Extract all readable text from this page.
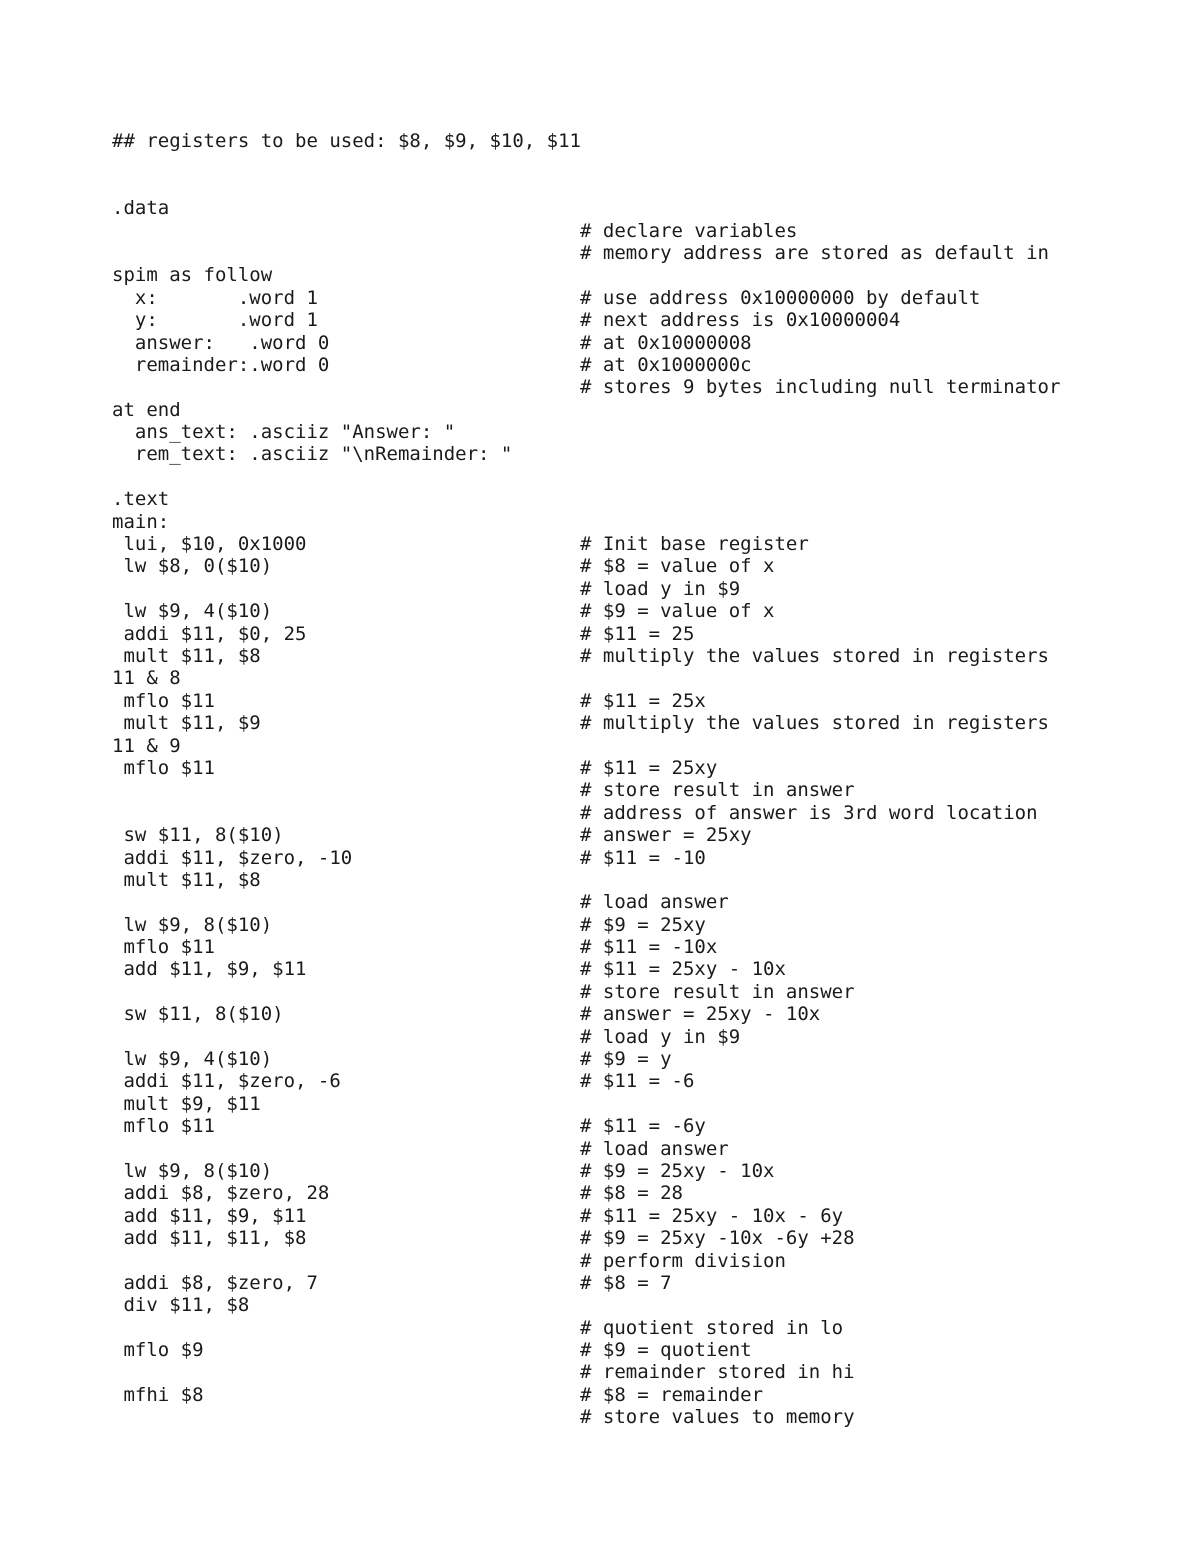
## registers to be used: $8, $9, $10, $11
.data
# declare variables
# memory address are stored as default in
spim as follow
x:       .word 1	# use address 0x10000000 by default
y:       .word 1	# next address is 0x10000004
answer:   .word 0	# at 0x10000008
remainder:.word 0	# at 0x1000000c
# stores 9 bytes including null terminator
at end
ans_text: .asciiz "Answer: "
rem_text: .asciiz "\nRemainder: "
.text
main:
lui, $10, 0x1000	# Init base register
lw $8, 0($10)	# $8 = value of x
# load y in $9
lw $9, 4($10)	# $9 = value of x
addi $11, $0, 25	# $11 = 25
mult $11, $8	# multiply the values stored in registers
11 & 8
mflo $11	# $11 = 25x
mult $11, $9	# multiply the values stored in registers
11 & 9
mflo $11	# $11 = 25xy
# store result in answer
# address of answer is 3rd word location
sw $11, 8($10)	# answer = 25xy
addi $11, $zero, -10	# $11 = -10
mult $11, $8
# load answer
lw $9, 8($10)	# $9 = 25xy
mflo $11	# $11 = -10x
add $11, $9, $11	# $11 = 25xy - 10x
# store result in answer
sw $11, 8($10)	# answer = 25xy - 10x
# load y in $9
lw $9, 4($10)	# $9 = y
addi $11, $zero, -6	# $11 = -6
mult $9, $11
mflo $11	# $11 = -6y
# load answer
lw $9, 8($10)	# $9 = 25xy - 10x
addi $8, $zero, 28	# $8 = 28
add $11, $9, $11	# $11 = 25xy - 10x - 6y
add $11, $11, $8	# $9 = 25xy -10x -6y +28
# perform division
addi $8, $zero, 7	# $8 = 7
div $11, $8
# quotient stored in lo
mflo $9	# $9 = quotient
# remainder stored in hi
mfhi $8	# $8 = remainder
# store values to memory
